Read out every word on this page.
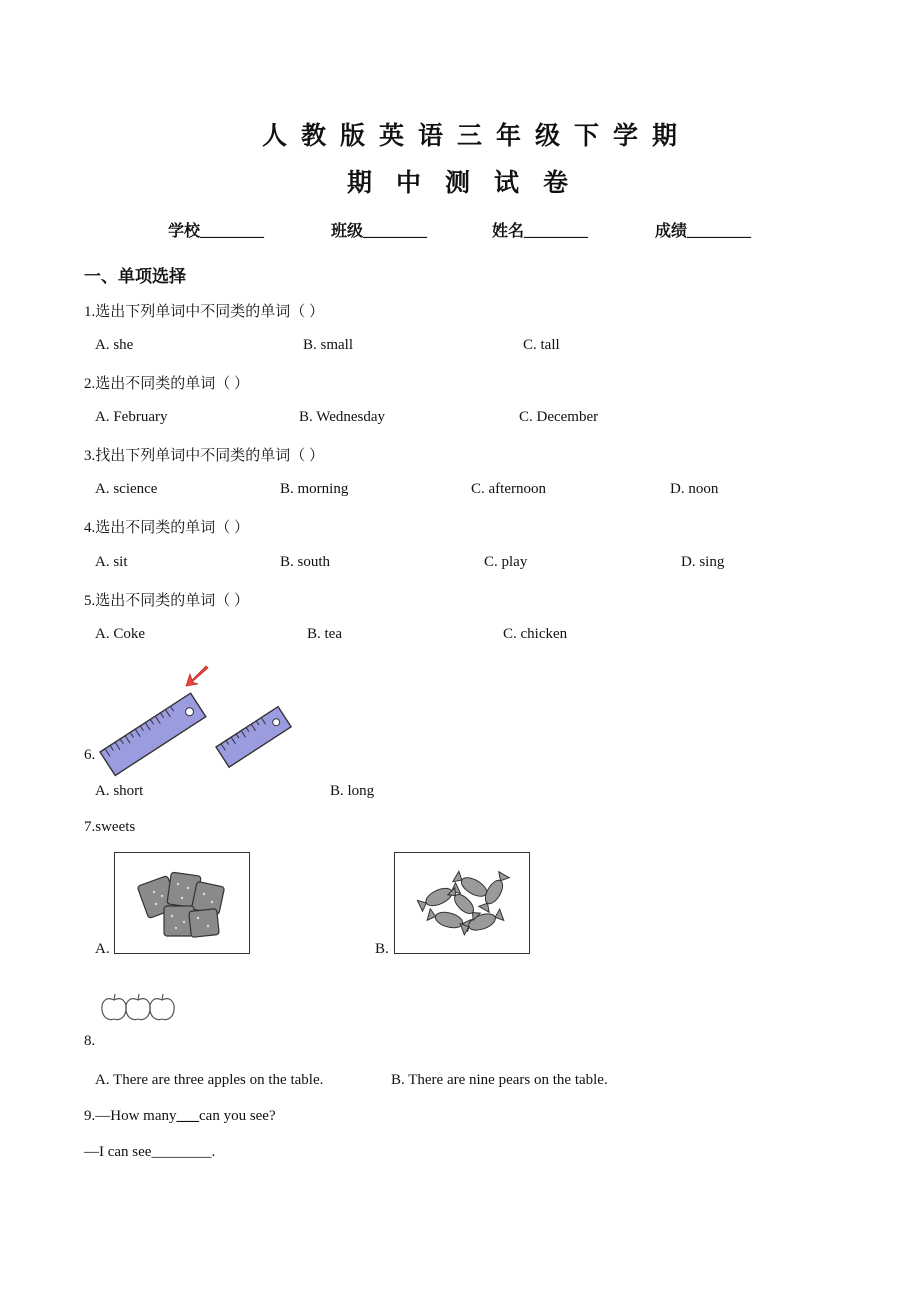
人教版英语三年级下学期
期中测试卷
学校________	班级________	姓名________	成绩________
一、单项选择
1.选出下列单词中不同类的单词（ ）
A. she	B. small	C. tall
2.选出不同类的单词（ ）
A. February	B. Wednesday	C. December
3.找出下列单词中不同类的单词（ ）
A. science	B. morning	C. afternoon	D. noon
4.选出不同类的单词（ ）
A. sit	B. south	C. play	D. sing
5.选出不同类的单词（ ）
A. Coke	B. tea	C. chicken
6.
A. short	B. long
7.sweets
A.	B.
8.
A. There are three apples on the table.	B. There are nine pears on the table.
9.—How many___can you see?
—I can see________.
